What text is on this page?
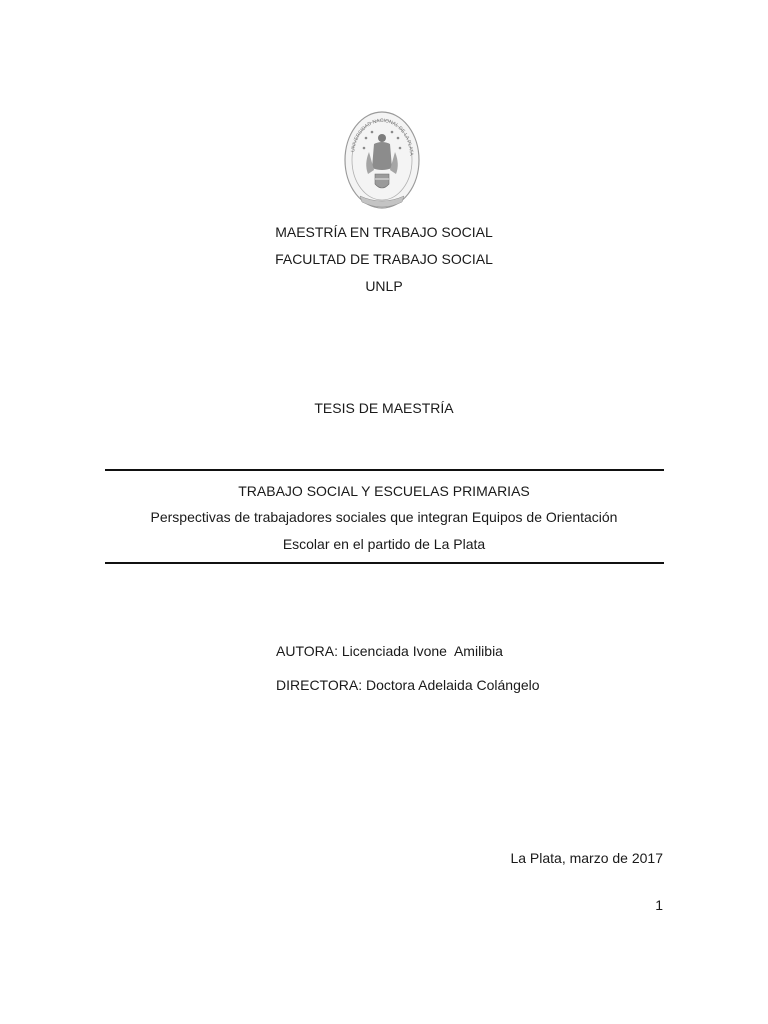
UNIVERSIDAD NACIONAL DE LA PLATA
MAESTRÍA EN TRABAJO SOCIAL
FACULTAD DE TRABAJO SOCIAL
UNLP
TESIS DE MAESTRÍA
TRABAJO SOCIAL Y ESCUELAS PRIMARIAS
Perspectivas de trabajadores sociales que integran Equipos de Orientación
Escolar en el partido de La Plata
AUTORA: Licenciada Ivone  Amilibia
DIRECTORA: Doctora Adelaida Colángelo
La Plata, marzo de 2017
1
